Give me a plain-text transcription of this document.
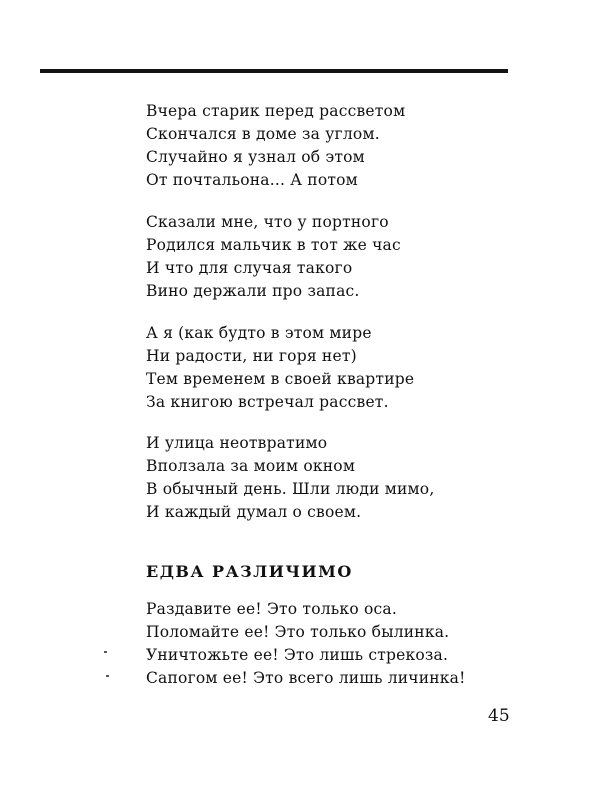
Вчера старик перед рассветом
Скончался в доме за углом.
Случайно я узнал об этом
От почтальона... А потом
Сказали мне, что у портного
Родился мальчик в тот же час
И что для случая такого
Вино держали про запас.
А я (как будто в этом мире
Ни радости, ни горя нет)
Тем временем в своей квартире
За книгою встречал рассвет.
И улица неотвратимо
Вползала за моим окном
В обычный день. Шли люди мимо,
И каждый думал о своем.
ЕДВА РАЗЛИЧИМО
Раздавите ее! Это только оса.
Поломайте ее! Это только былинка.
Уничтожьте ее! Это лишь стрекоза.
Сапогом ее! Это всего лишь личинка!
45
